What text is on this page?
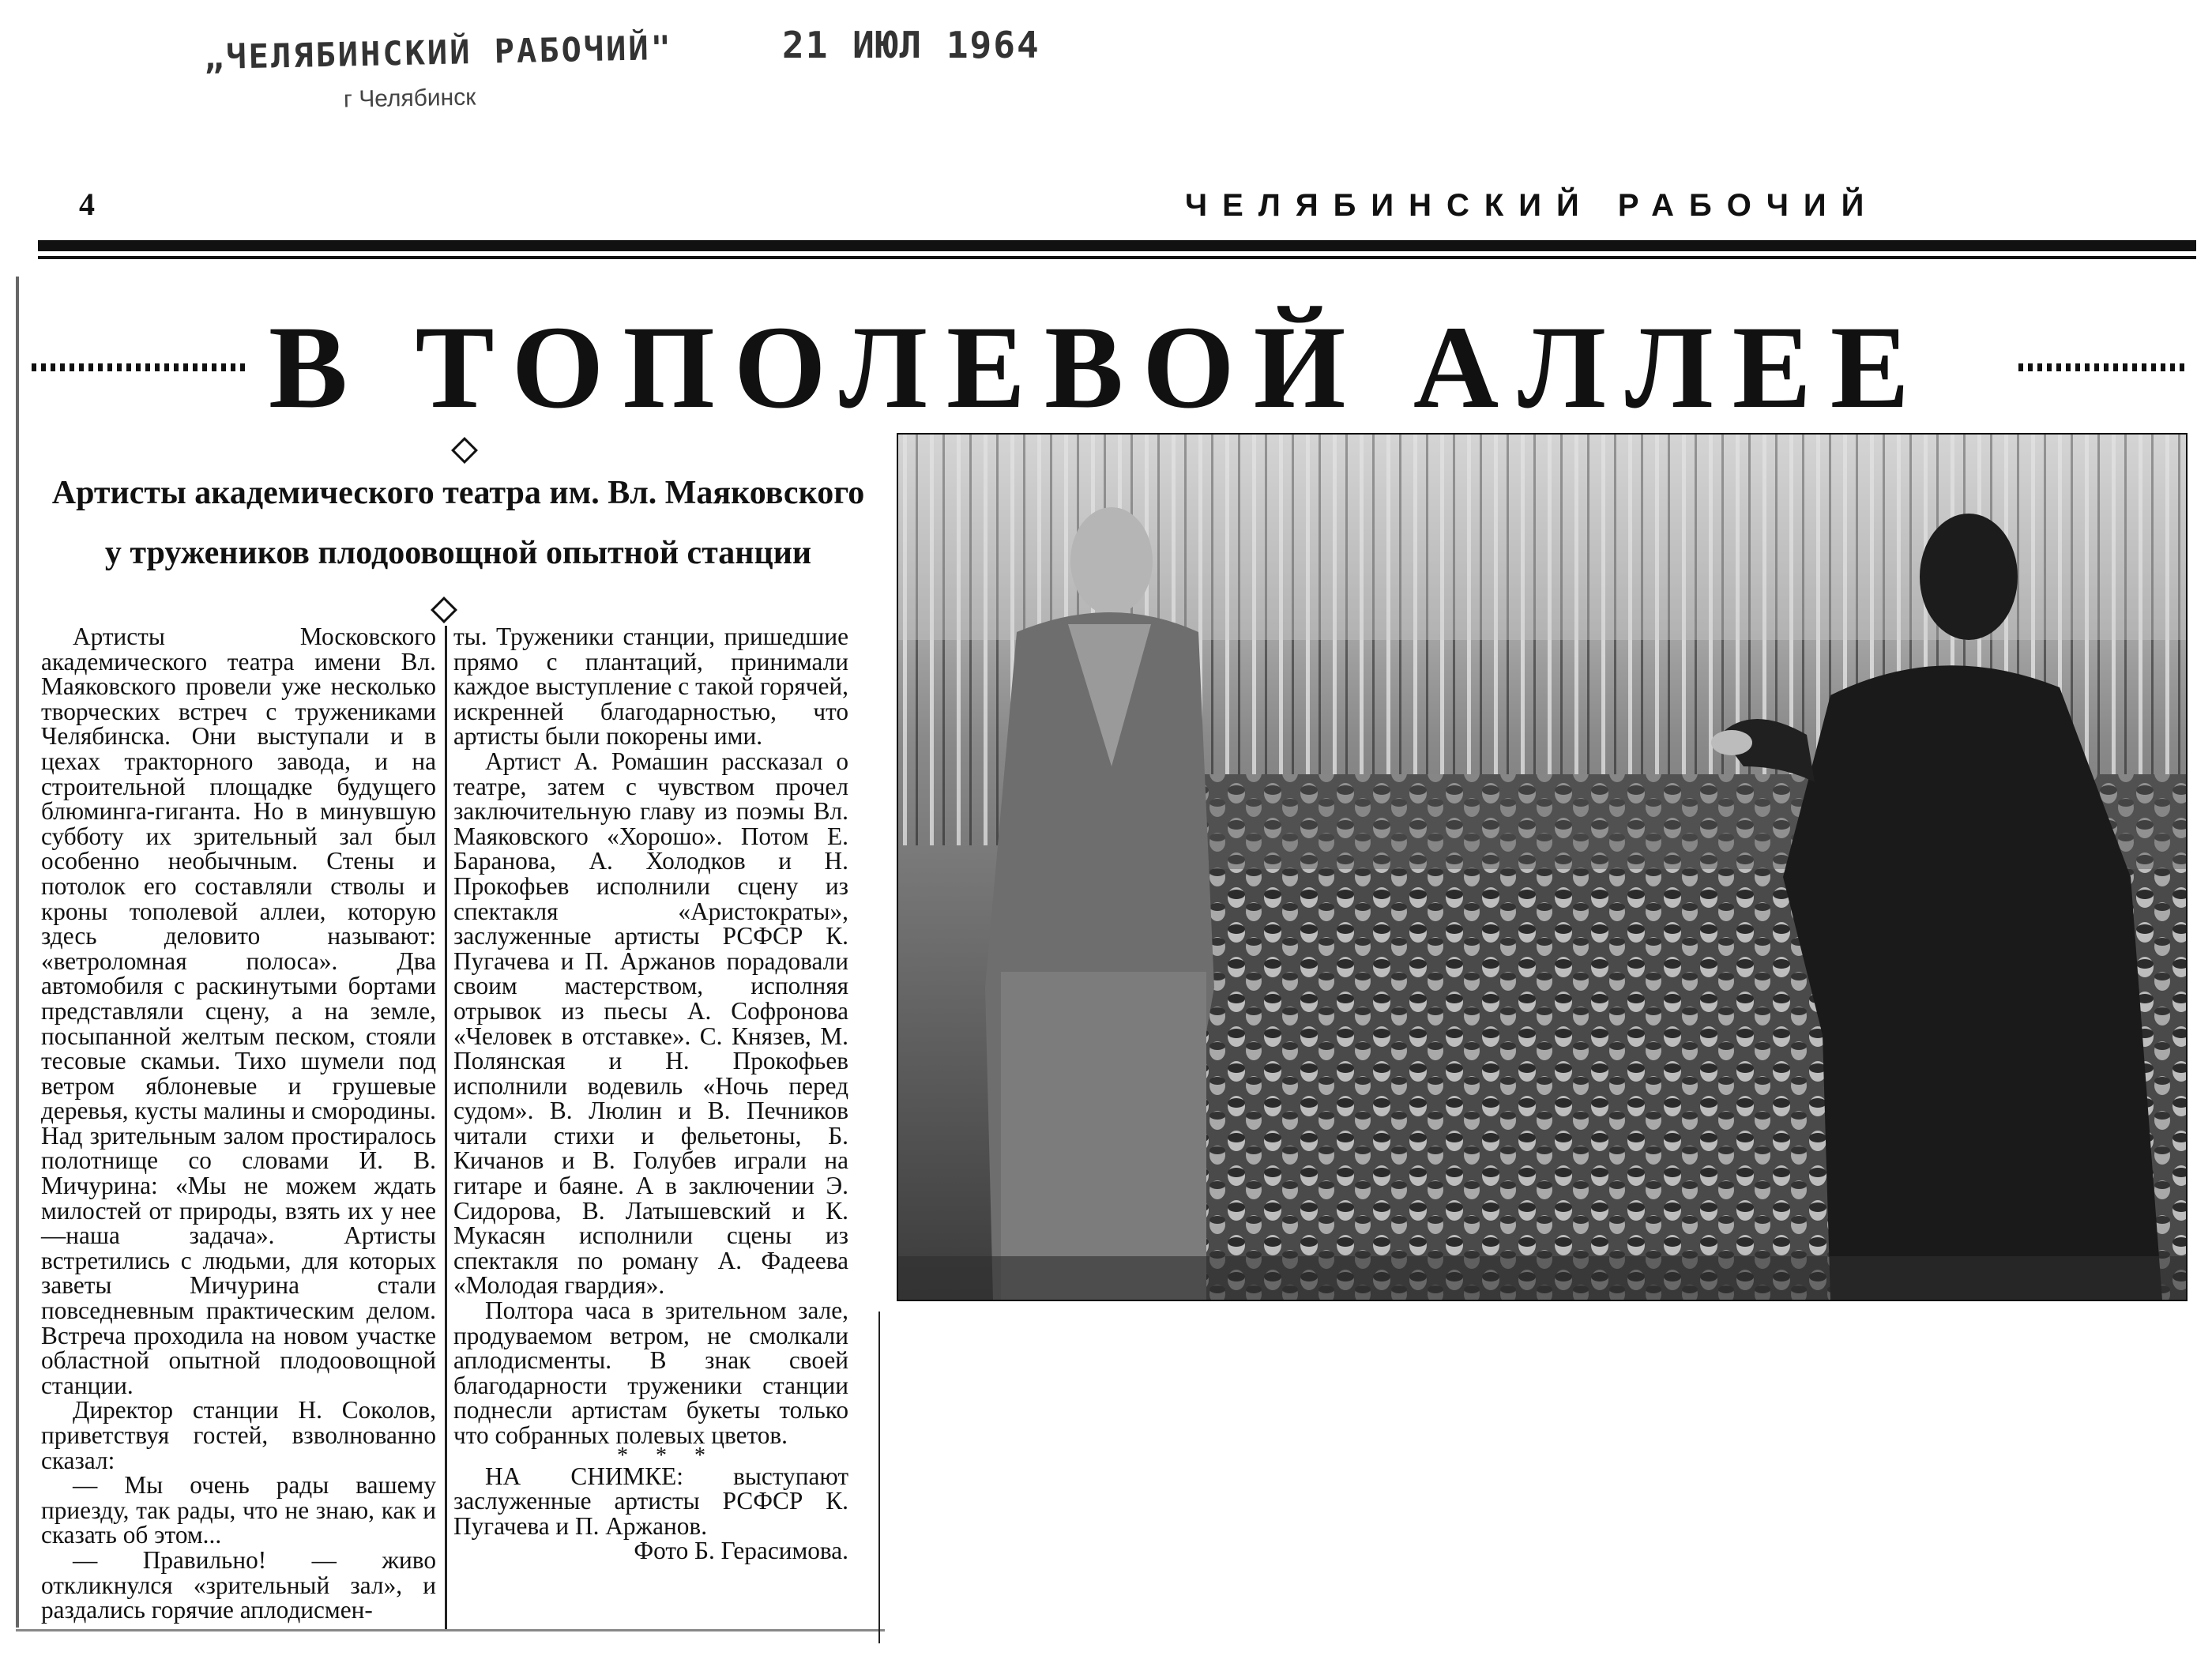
„ЧЕЛЯБИНСКИЙ РАБОЧИЙ"
г Челябинск
21 ИЮЛ 1964
4	ЧЕЛЯБИНСКИЙ РАБОЧИЙ
В ТОПОЛЕВОЙ АЛЛЕЕ
Артисты академического театра им. Вл. Маяковского
у тружеников плодоовощной опытной станции

Артисты Московского академического театра имени Вл. Маяковского провели уже несколько творческих встреч с тружениками Челябинска. Они выступали и в цехах тракторного завода, и на строительной площадке будущего блюминга-гиганта. Но в минувшую субботу их зрительный зал был особенно необычным. Стены и потолок его составляли стволы и кроны тополевой аллеи, которую здесь деловито называют: «ветроломная полоса». Два автомобиля с раскинутыми бортами представляли сцену, а на земле, посыпанной желтым песком, стояли тесовые скамьи. Тихо шумели под ветром яблоневые и грушевые деревья, кусты малины и смородины. Над зрительным залом простиралось полотнище со словами И. В. Мичурина: «Мы не можем ждать милостей от природы, взять их у нее—наша задача». Артисты встретились с людьми, для которых заветы Мичурина стали повседневным практическим делом. Встреча проходила на новом участке областной опытной плодоовощной станции.

Директор станции Н. Соколов, приветствуя гостей, взволнованно сказал:

— Мы очень рады вашему приезду, так рады, что не знаю, как и сказать об этом...

— Правильно! — живо откликнулся «зрительный зал», и раздались горячие аплодисмен-

ты. Труженики станции, пришедшие прямо с плантаций, принимали каждое выступление с такой горячей, искренней благодарностью, что артисты были покорены ими.

Артист А. Ромашин рассказал о театре, затем с чувством прочел заключительную главу из поэмы Вл. Маяковского «Хорошо». Потом Е. Баранова, А. Холодков и Н. Прокофьев исполнили сцену из спектакля «Аристократы», заслуженные артисты РСФСР К. Пугачева и П. Аржанов порадовали своим мастерством, исполняя отрывок из пьесы А. Софронова «Человек в отставке». С. Князев, М. Полянская и Н. Прокофьев исполнили водевиль «Ночь перед судом». В. Люлин и В. Печников читали стихи и фельетоны, Б. Кичанов и В. Голубев играли на гитаре и баяне. А в заключении Э. Сидорова, В. Латышевский и К. Мукасян исполнили сцены из спектакля по роману А. Фадеева «Молодая гвардия».

Полтора часа в зрительном зале, продуваемом ветром, не смолкали аплодисменты. В знак своей благодарности труженики станции поднесли артистам букеты только что собранных полевых цветов.

* * *

НА СНИМКЕ: выступают заслуженные артисты РСФСР К. Пугачева и П. Аржанов.

Фото Б. Герасимова.
